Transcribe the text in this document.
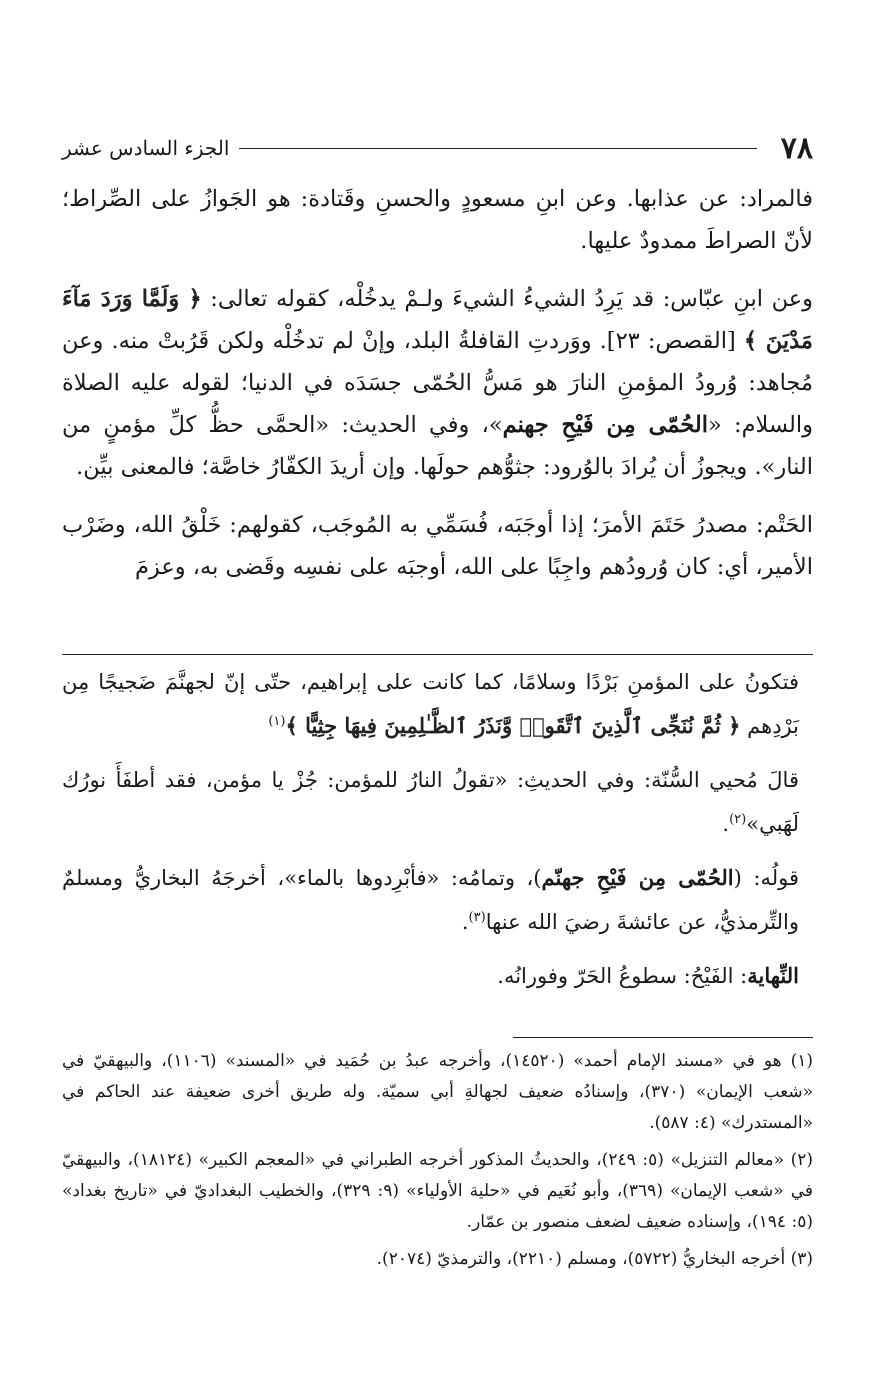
٧٨
الجزء السادس عشر

فالمراد: عن عذابها. وعن ابنِ مسعودٍ والحسنِ وقَتادة: هو الجَوازُ على الصِّراط؛ لأنّ الصراطَ ممدودٌ عليها.

وعن ابنِ عبّاس: قد يَرِدُ الشيءُ الشيءَ ولـمْ يدخُلْه، كقوله تعالى: ﴿ وَلَمَّا وَرَدَ مَآءَ مَدْيَنَ ﴾ [القصص: ٢٣]. ووَردتِ القافلةُ البلد، وإنْ لم تدخُلْه ولكن قَرُبتْ منه. وعن مُجاهد: وُرودُ المؤمنِ النارَ هو مَسُّ الحُمّى جسَدَه في الدنيا؛ لقوله عليه الصلاة والسلام: «الحُمّى مِن فَيْحِ جهنم»، وفي الحديث: «الحمَّى حظُّ كلِّ مؤمنٍ من النار». ويجوزُ أن يُرادَ بالوُرود: جثوُّهم حولَها. وإن أريدَ الكفّارُ خاصَّة؛ فالمعنى بيِّن.

الحَتْم: مصدرُ حَتَمَ الأمرَ؛ إذا أوجَبَه، فُسَمِّي به المُوجَب، كقولهم: خَلْقُ الله، وضَرْب الأمير، أي: كان وُرودُهم واجِبًا على الله، أوجبَه على نفسِه وقَضى به، وعزمَ

فتكونُ على المؤمنِ بَرْدًا وسلامًا، كما كانت على إبراهيم، حتّى إنّ لجهنَّمَ ضَجيجًا مِن بَرْدِهم ﴿ ثُمَّ نُنَجِّى ٱلَّذِينَ ٱتَّقَوا۟ وَّنَذَرُ ٱلظَّـٰلِمِينَ فِيهَا جِثِيًّا ﴾$^{(١)}$

قالَ مُحيي السُّنّة: وفي الحديثِ: «تقولُ النارُ للمؤمن: جُزْ يا مؤمن، فقد أطفَأَ نورُك لَهَبي»$^{(٢)}$.

قولُه: (الحُمّى مِن فَيْحِ جهنّم)، وتمامُه: «فأبْرِدوها بالماء»، أخرجَهُ البخاريُّ ومسلمٌ والتِّرمذيُّ، عن عائشةَ رضيَ الله عنها$^{(٣)}$.

النِّهاية: الفَيْحُ: سطوعُ الحَرّ وفورانُه.

(١) هو في «مسند الإمام أحمد» (١٤٥٢٠)، وأخرجه عبدُ بن حُمَيد في «المسند» (١١٠٦)، والبيهقيّ في «شعب الإيمان» (٣٧٠)، وإسنادُه ضعيف لجهالةِ أبي سميّة. وله طريق أخرى ضعيفة عند الحاكم في «المستدرك» (٤: ٥٨٧).

(٢) «معالم التنزيل» (٥: ٢٤٩)، والحديثُ المذكور أخرجه الطبراني في «المعجم الكبير» (١٨١٢٤)، والبيهقيّ في «شعب الإيمان» (٣٦٩)، وأبو نُعَيم في «حلية الأولياء» (٩: ٣٢٩)، والخطيب البغداديّ في «تاريخ بغداد» (٥: ١٩٤)، وإسناده ضعيف لضعف منصور بن عمّار.

(٣) أخرجه البخاريُّ (٥٧٢٢)، ومسلم (٢٢١٠)، والترمذيّ (٢٠٧٤).
